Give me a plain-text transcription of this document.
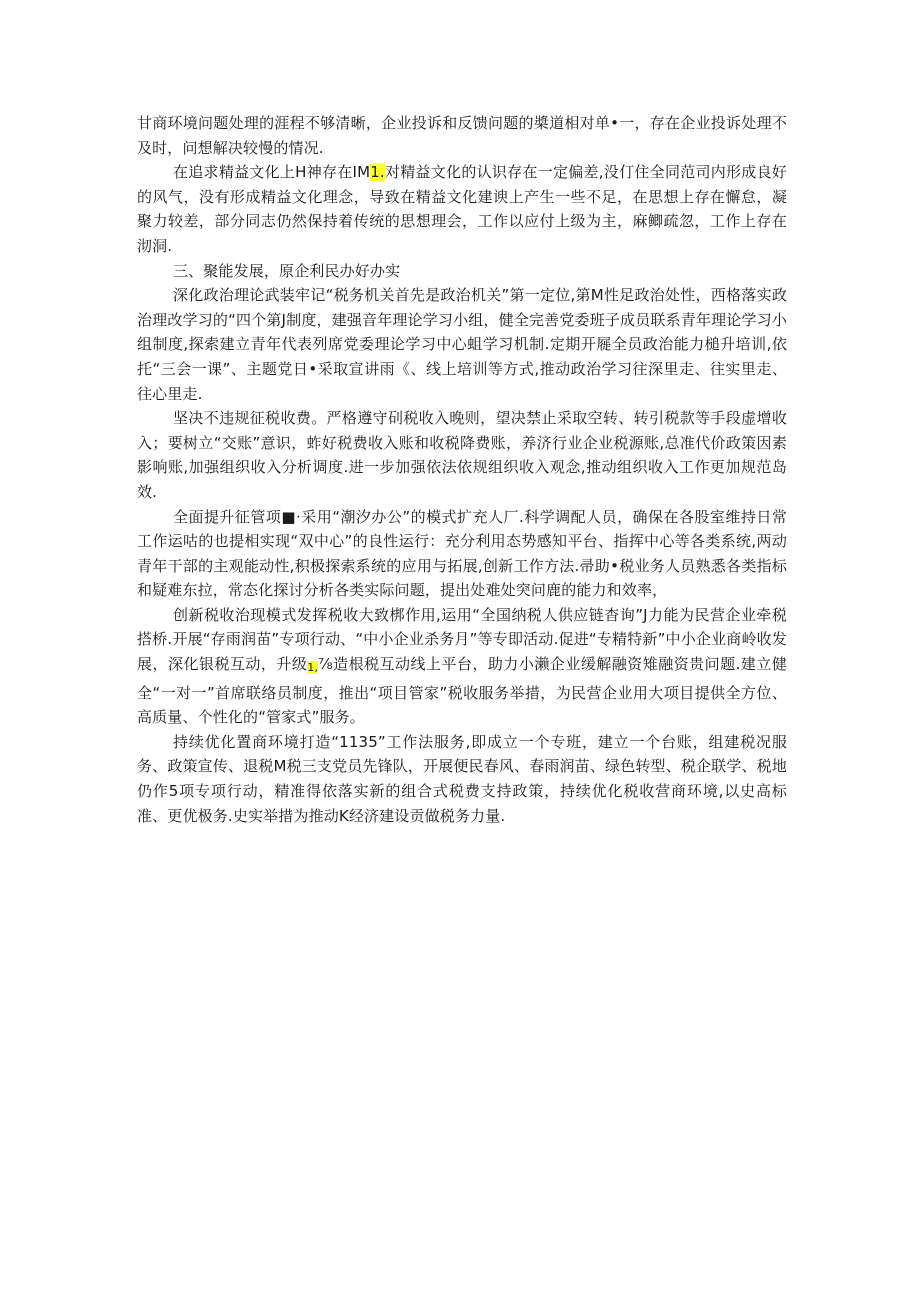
甘商环境问题处理的涯程不够清晰，企业投诉和反馈问题的槳道相对单•一，存在企业投诉处理不及时，问想解决较慢的情况.

在追求精益文化上H神存在IM1.对精益文化的认识存在一定偏差,没仃住全同范司内形成良好的风气，没有形成精益文化理念，导致在精益文化建谀上产生一些不足，在思想上存在懈怠，凝聚力较差，部分同志仍然保持着传统的思想理会，工作以应付上级为主，麻鲫疏忽，工作上存在沏洞.

三、聚能发展，原企利民办好办实

深化政治理论武装牢记“税务机关首先是政治机关”第一定位,第M性足政治处性，西格落实政治理改学习的“四个第J制度，建强音年理论学习小组，健全完善党委班子成员联系青年理论学习小组制度,探索建立青年代表列席党委理论学习中心蛆学习机制.定期开屣全员政治能力槌升培训,依托“三会一课”、主题党日•采取宣讲雨《、线上培训等方式,推动政治学习往深里走、往实里走、往心里走.

坚决不违规征税收费。严格遵守矵税收入晚则，望决禁止采取空转、转引税款等手段虚增收入；要树立“交账”意识，蚱好税费收入账和收税降费账，养济行业企业税源账,总准代价政策因素影响账,加强组织收入分析调度.进一步加强依法依规组织收入观念,推动组织收入工作更加规范岛效.

全面提升征管项■·采用“潮汐办公”的模式扩充人厂.科学调配人员，确保在各股室维持日常工作运咕的也提相实现“双中心”的良性运行：充分利用态势感知平台、指挥中心等各类系统,两动青年干部的主观能动性,积极探索系统的应用与拓展,创新工作方法.帚助•税业务人员熟悉各类指标和疑难东拉，常态化探讨分析各类实际问题，提出处难处突问鹿的能力和效率，

创新税收治现模式发挥税收大致梆作用,运用“全国纳税人供应链杳询”J力能为民营企业牵税搭桥.开展“存雨润苗”专项行动、“中小企业杀务月”等专即活动.促进“专精特新”中小企业商岭收发展，深化银税互动，升级1,⅞造根税互动线上平台，助力小濑企业缓解融资雉融资贵问题.建立健全“一对一”首席联络员制度，推出“项目管家”税收服务举措，为民营企业用大项目提供全方位、高质量、个性化的“管家式”服务。

持续优化置商环境打造“1135”工作法服务,即成立一个专班，建立一个台账，组建税况服务、政策宣传、退税M税三支党员先锋队，开展便民春风、春雨润苗、绿色转型、税企联学、税地仍作5项专项行动，精准得依落实新的组合式税费支持政策，持续优化税收营商环境,以史高标准、更优极务.史实举措为推动K经济建设贡做税务力量.
